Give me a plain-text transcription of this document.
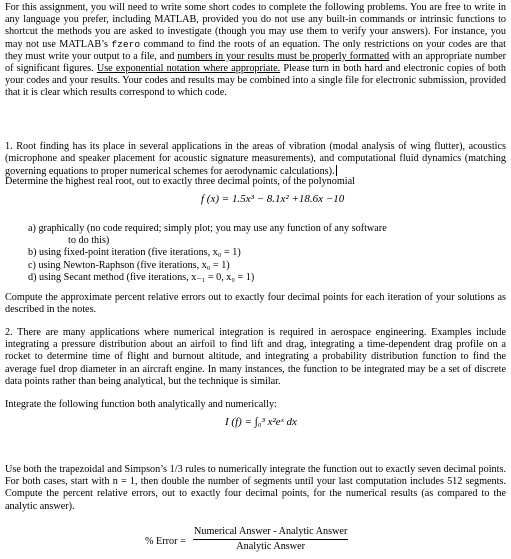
For this assignment, you will need to write some short codes to complete the following problems. You are free to write in any language you prefer, including MATLAB, provided you do not use any built-in commands or intrinsic functions to shortcut the methods you are asked to investigate (though you may use them to verify your answers). For instance, you may not use MATLAB’s fzero command to find the roots of an equation. The only restrictions on your codes are that they must write your output to a file, and numbers in your results must be properly formatted with an appropriate number of significant figures. Use exponential notation where appropriate. Please turn in both hard and electronic copies of both your codes and your results. Your codes and results may be combined into a single file for electronic submission, provided that it is clear which results correspond to which code.
1. Root finding has its place in several applications in the areas of vibration (modal analysis of wing flutter), acoustics (microphone and speaker placement for acoustic signature measurements), and computational fluid dynamics (matching governing equations to proper numerical schemes for aerodynamic calculations).
Determine the highest real root, out to exactly three decimal points, of the polynomial
f (x) = 1.5x³ − 8.1x² +18.6x −10
a) graphically (no code required; simply plot; you may use any function of any software
to do this)
b) using fixed-point iteration (five iterations, x₀ = 1)
c) using Newton-Raphson (five iterations, x₀ = 1)
d) using Secant method (five iterations, x₋₁ = 0, x₀ = 1)
Compute the approximate percent relative errors out to exactly four decimal points for each iteration of your solutions as described in the notes.
2. There are many applications where numerical integration is required in aerospace engineering. Examples include integrating a pressure distribution about an airfoil to find lift and drag, integrating a time-dependent drag profile on a rocket to determine time of flight and burnout altitude, and integrating a probability distribution function to find the average fuel drop diameter in an aircraft engine. In many instances, the function to be integrated may be a set of discrete data points rather than being analytical, but the technique is similar.
Integrate the following function both analytically and numerically:
I (f) = ∫₀³ x²eˣ dx
Use both the trapezoidal and Simpson’s 1/3 rules to numerically integrate the function out to exactly seven decimal points. For both cases, start with n = 1, then double the number of segments until your last computation includes 512 segments. Compute the percent relative errors, out to exactly four decimal points, for the numerical results (as compared to the analytic answer).
% Error =
Numerical Answer - Analytic Answer
Analytic Answer
